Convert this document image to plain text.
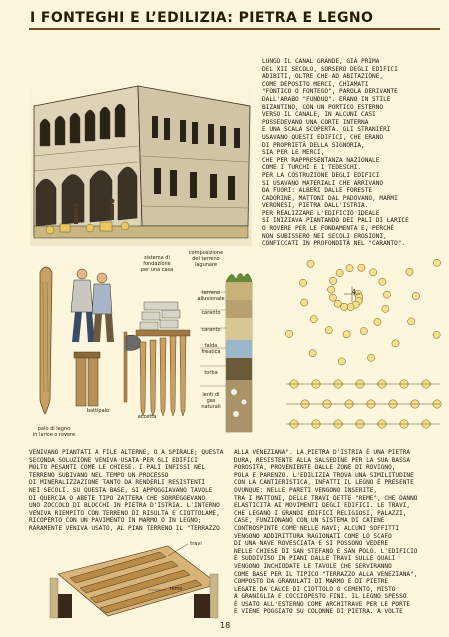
I FONTEGHI E L’EDILIZIA: PIETRA E LEGNO
LUNGO IL CANAL GRANDE, GIÀ PRIMA
DEL XII SECOLO, SORSERO DEGLI EDIFICI
ADIBITI, OLTRE CHE AD ABITAZIONE,
COME DEPOSITO MERCI, CHIAMATI
"FONTICO O FONTEGO", PAROLA DERIVANTE
DALL'ARABO "FUNDUQ". ERANO IN STILE
BIZANTINO, CON UN PORTICO ESTERNO
VERSO IL CANALE, IN ALCUNI CASI
POSSEDEVANO UNA CORTE INTERNA
E UNA SCALA SCOPERTA. GLI STRANIERI
USAVANO QUESTI EDIFICI, CHE ERANO
DI PROPRIETÀ DELLA SIGNORIA,
SIA PER LE MERCI,
CHE PER RAPPRESENTANZA NAZIONALE
COME I TURCHI E I TEDESCHI.
PER LA COSTRUZIONE DEGLI EDIFICI
SI USAVANO MATERIALI CHE ARRIVANO
DA FUORI: ALBERI DALLE FORESTE
CADORINE, MATTONI DAL PADOVANO, MARMI
VERONESI, PIETRA DALL'ISTRIA.
PER REALIZZARE L'EDIFICIO IDEALE
SI INIZIAVA PIANTANDO DEI PALI DI LARICE
O ROVERE PER LE FONDAMENTA E, PERCHÉ
NON SUBISSERO NEI SECOLI EROSIONI,
CONFICCATI IN PROFONDITÀ NEL "CARANTO".
sistema di
fondazione
per una casa
composizione
del terreno
lagunare
terreno
alluvionale
caranto
caranto
falda
freatica
torba
lenti di
gas
naturali
battipalo
accetta
palo di legno
in larice o rovere
4
VENIVANO PIANTATI A FILE ALTERNE, O A SPIRALE; QUESTA
SECONDA SOLUZIONE VENIVA USATA PER GLI EDIFICI
MOLTO PESANTI COME LE CHIESE. I PALI INFISSI NEL
TERRENO SUBIVANO NEL TEMPO UN PROCESSO
DI MINERALIZZAZIONE TANTO DA RENDERLI RESISTENTI
NEI SECOLI. SU QUESTA BASE, SI APPOGGIAVANO TAVOLE
DI QUERCIA O ABETE TIPO ZATTERA CHE SORREGGEVANO
UNO ZOCCOLO DI BLOCCHI IN PIETRA D'ISTRIA. L'INTERNO
VENIVA RIEMPITO CON TERRENO DI RISULTA E CIOTTOLAME,
RICOPERTO CON UN PAVIMENTO IN MARMO O IN LEGNO;
RARAMENTE VENIVA USATO, AL PIAN TERRENO IL "TERRAZZO
ALLA VENEZIANA". LA PIETRA D'ISTRIA È UNA PIETRA
DURA, RESISTENTE ALLA SALSEDINE PER LA SUA BASSA
POROSITÀ, PROVENIENTE DALLE ZONE DI ROVIGNO,
POLA E PARENZO. L'EDILIZIA TROVA UNA SIMILITUDINE
CON LA CANTIERISTICA, INFATTI IL LEGNO È PRESENTE
OVUNQUE: NELLE PARETI VENGONO INSERITE,
TRA I MATTONI, DELLE TRAVI DETTE "REME", CHE DANNO
ELASTICITÀ AI MOVIMENTI DEGLI EDIFICI. LE TRAVI,
CHE LEGANO I GRANDI EDIFICI RELIGIOSI, PALAZZI,
CASE, FUNZIONANO CON UN SISTEMA DI CATENE
CONTROSPINTE COME NELLE NAVI; ALCUNI SOFFITTI
VENGONO ADDIRITTURA RAGIONATI COME LO SCAFO
DI UNA NAVE ROVESCIATA E SI POSSONO VEDERE
NELLE CHIESE DI SAN STEFANO E SAN POLO. L'EDIFICIO
È SUDDIVISO IN PIANI DALLE TRAVI SULLE QUALI
VENGONO INCHIODATE LE TAVOLE CHE SERVIRANNO
COME BASE PER IL TIPICO "TERRAZZO ALLA VENEZIANA",
COMPOSTO DA GRANULATI DI MARMO E DI PIETRE
LEGATE DA CALCE DI CIOTTOLO O CEMENTO, MISTO
A GRANIGLIA E COCCIOPESTO FINI. IL LEGNO SPESSO
È USATO ALL'ESTERNO COME ARCHITRAVE PER LE PORTE
E VIENE POGGIATO SU COLONNE DI PIETRA. A VOLTE
travi
reme
18
